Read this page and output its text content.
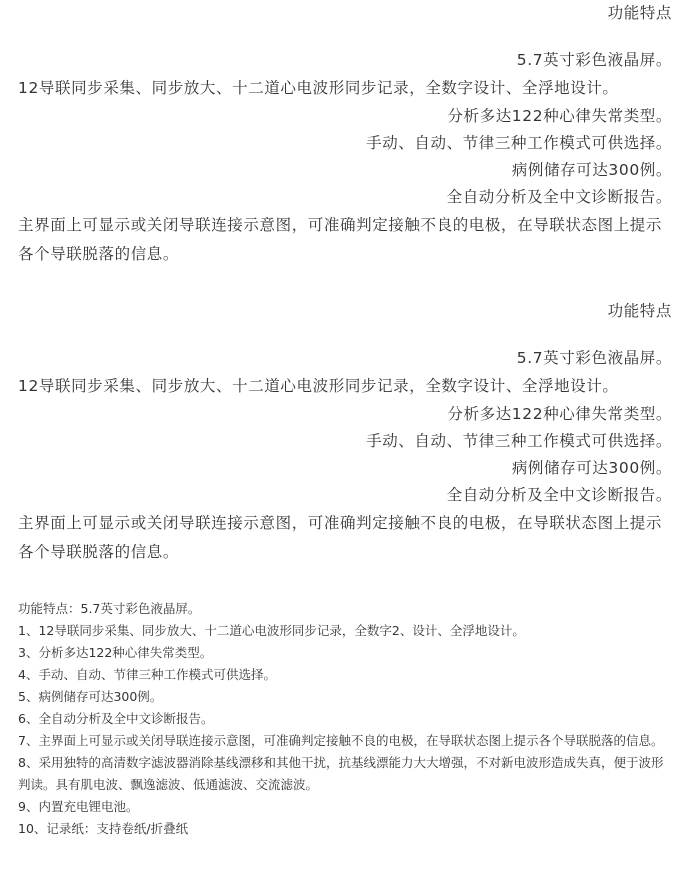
功能特点
5.7英寸彩色液晶屏。
12导联同步采集、同步放大、十二道心电波形同步记录，全数字设计、全浮地设计。
分析多达122种心律失常类型。
手动、自动、节律三种工作模式可供选择。
病例储存可达300例。
全自动分析及全中文诊断报告。
主界面上可显示或关闭导联连接示意图，可准确判定接触不良的电极，在导联状态图上提示各个导联脱落的信息。
功能特点
5.7英寸彩色液晶屏。
12导联同步采集、同步放大、十二道心电波形同步记录，全数字设计、全浮地设计。
分析多达122种心律失常类型。
手动、自动、节律三种工作模式可供选择。
病例储存可达300例。
全自动分析及全中文诊断报告。
主界面上可显示或关闭导联连接示意图，可准确判定接触不良的电极，在导联状态图上提示各个导联脱落的信息。
功能特点：5.7英寸彩色液晶屏。
1、12导联同步采集、同步放大、十二道心电波形同步记录，全数字2、设计、全浮地设计。
3、分析多达122种心律失常类型。
4、手动、自动、节律三种工作模式可供选择。
5、病例储存可达300例。
6、全自动分析及全中文诊断报告。
7、主界面上可显示或关闭导联连接示意图，可准确判定接触不良的电极，在导联状态图上提示各个导联脱落的信息。
8、采用独特的高清数字滤波器消除基线漂移和其他干扰，抗基线漂能力大大增强，不对新电波形造成失真，便于波形判读。具有肌电波、飘逸滤波、低通滤波、交流滤波。
9、内置充电锂电池。
10、记录纸：支持卷纸/折叠纸
